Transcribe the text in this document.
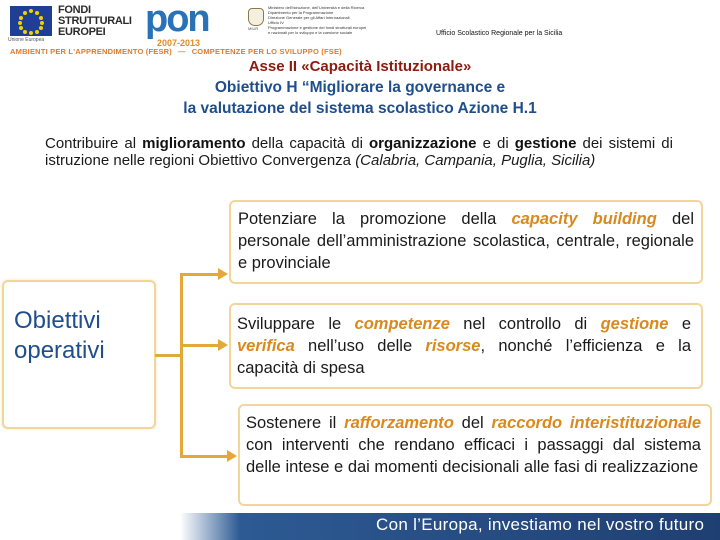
Unione Europea
FONDI
STRUTTURALI
EUROPEI	pon
2007-2013
MIUR
Ministero dell'Istruzione, dell'Università e della Ricerca
Dipartimento per la Programmazione
Direzione Generale per gli Affari Internazionali
Ufficio IV
Programmazione e gestione dei fondi strutturali europei
e nazionali per lo sviluppo e la coesione sociale	Ufficio Scolastico Regionale per la Sicilia
AMBIENTI PER L'APPRENDIMENTO (FESR) — COMPETENZE PER LO SVILUPPO (FSE)
Asse II «Capacità Istituzionale»
Obiettivo H “Migliorare la governance e
la valutazione del sistema scolastico Azione H.1
Contribuire al miglioramento della capacità di organizzazione e di gestione dei sistemi di istruzione nelle regioni Obiettivo Convergenza (Calabria, Campania, Puglia, Sicilia)
Obiettivi
operativi
Potenziare la promozione della capacity building del personale dell’amministrazione scolastica, centrale, regionale e provinciale
Sviluppare le competenze nel controllo di gestione e verifica nell’uso delle risorse, nonché l’efficienza e la capacità di spesa
Sostenere il rafforzamento del raccordo interistituzionale con interventi che rendano efficaci i passaggi dal sistema delle intese e dai momenti decisionali alle fasi di realizzazione
Con l’Europa, investiamo nel vostro futuro
